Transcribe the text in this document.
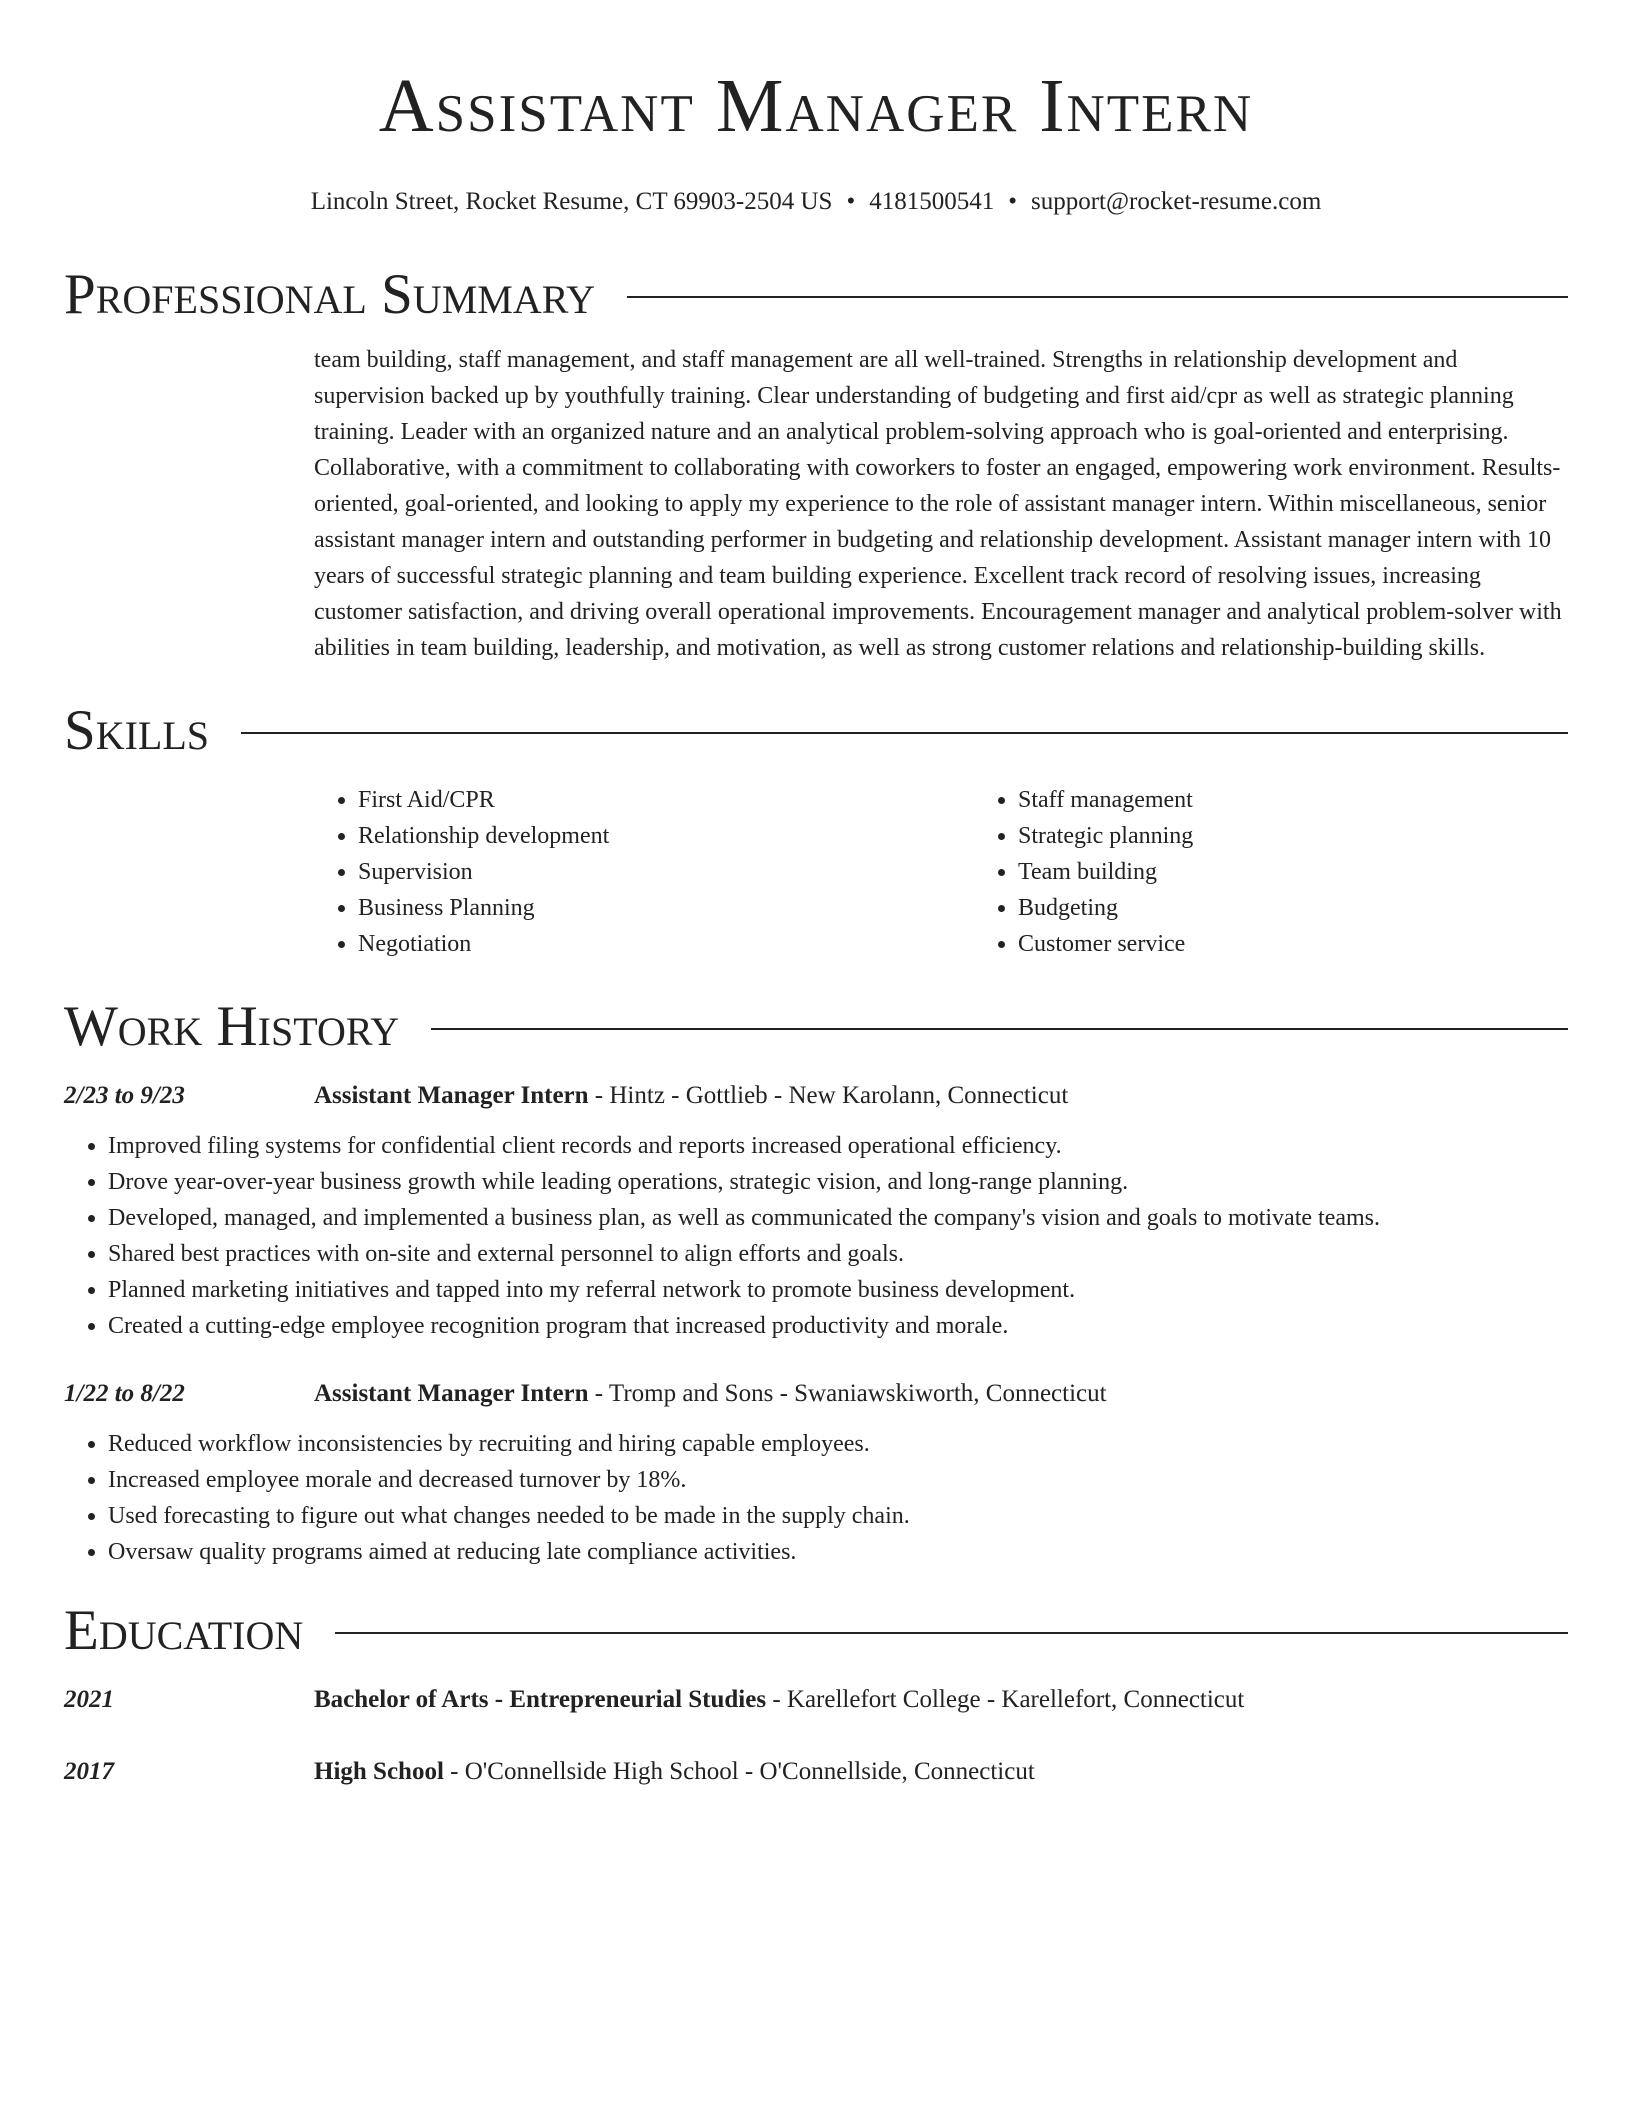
Assistant Manager Intern
Lincoln Street, Rocket Resume, CT 69903-2504 US • 4181500541 • support@rocket-resume.com
Professional Summary
team building, staff management, and staff management are all well-trained. Strengths in relationship development and supervision backed up by youthfully training. Clear understanding of budgeting and first aid/cpr as well as strategic planning training. Leader with an organized nature and an analytical problem-solving approach who is goal-oriented and enterprising. Collaborative, with a commitment to collaborating with coworkers to foster an engaged, empowering work environment. Results-oriented, goal-oriented, and looking to apply my experience to the role of assistant manager intern. Within miscellaneous, senior assistant manager intern and outstanding performer in budgeting and relationship development. Assistant manager intern with 10 years of successful strategic planning and team building experience. Excellent track record of resolving issues, increasing customer satisfaction, and driving overall operational improvements. Encouragement manager and analytical problem-solver with abilities in team building, leadership, and motivation, as well as strong customer relations and relationship-building skills.
Skills
• First Aid/CPR
• Relationship development
• Supervision
• Business Planning
• Negotiation
• Staff management
• Strategic planning
• Team building
• Budgeting
• Customer service
Work History
2/23 to 9/23	Assistant Manager Intern - Hintz - Gottlieb - New Karolann, Connecticut
• Improved filing systems for confidential client records and reports increased operational efficiency.
• Drove year-over-year business growth while leading operations, strategic vision, and long-range planning.
• Developed, managed, and implemented a business plan, as well as communicated the company's vision and goals to motivate teams.
• Shared best practices with on-site and external personnel to align efforts and goals.
• Planned marketing initiatives and tapped into my referral network to promote business development.
• Created a cutting-edge employee recognition program that increased productivity and morale.
1/22 to 8/22	Assistant Manager Intern - Tromp and Sons - Swaniawskiworth, Connecticut
• Reduced workflow inconsistencies by recruiting and hiring capable employees.
• Increased employee morale and decreased turnover by 18%.
• Used forecasting to figure out what changes needed to be made in the supply chain.
• Oversaw quality programs aimed at reducing late compliance activities.
Education
2021	Bachelor of Arts - Entrepreneurial Studies - Karellefort College - Karellefort, Connecticut
2017	High School - O'Connellside High School - O'Connellside, Connecticut
